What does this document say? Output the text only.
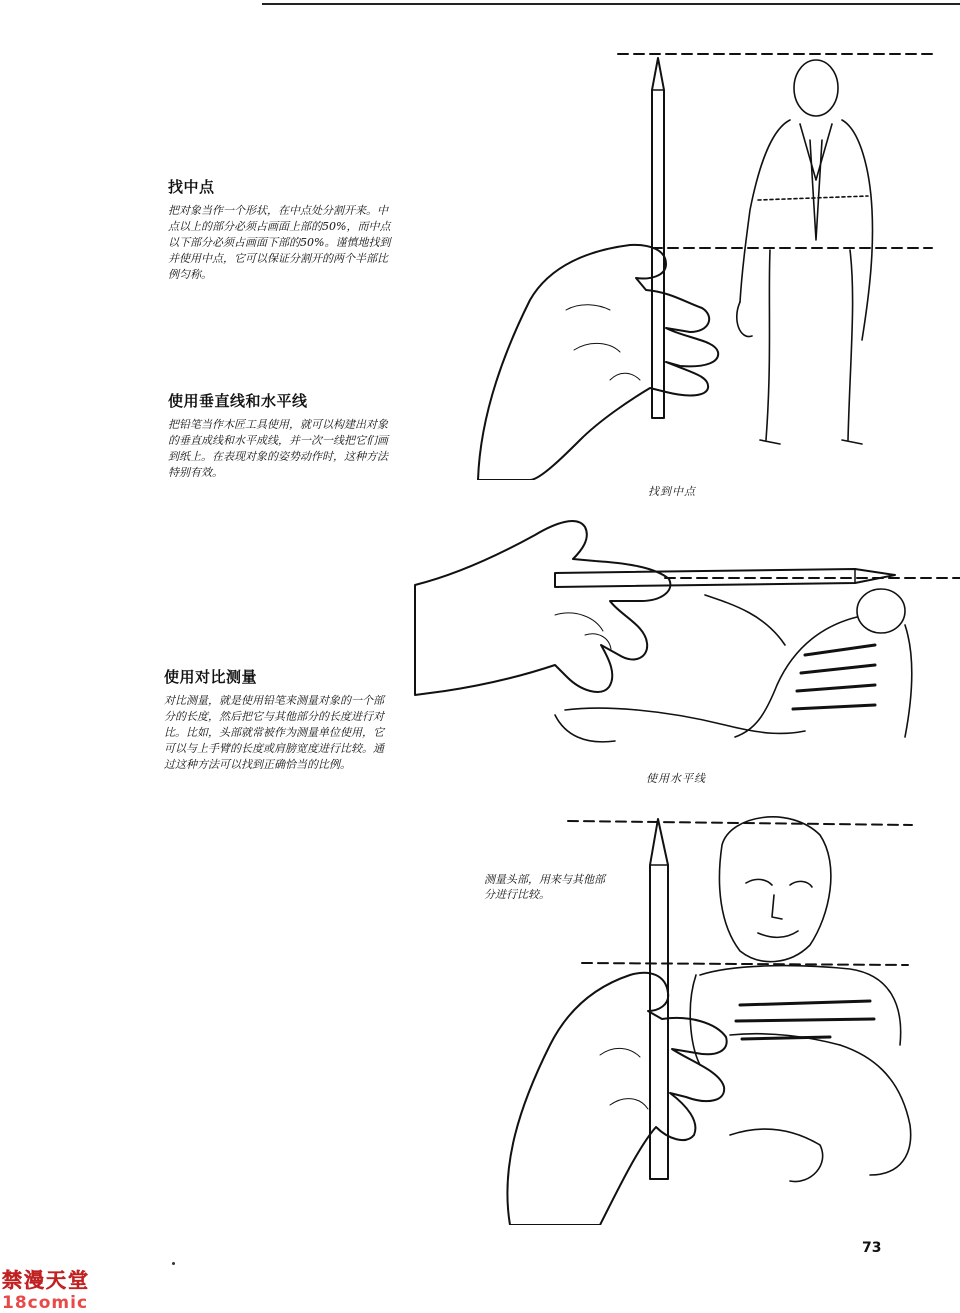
找中点

把对象当作一个形状，在中点处分割开来。中
点以上的部分必须占画面上部的50%，而中点
以下部分必须占画面下部的50%。谨慎地找到
并使用中点，它可以保证分割开的两个半部比
例匀称。

使用垂直线和水平线

把铅笔当作木匠工具使用，就可以构建出对象
的垂直成线和水平成线，并一次一线把它们画
到纸上。在表现对象的姿势动作时，这种方法
特别有效。

使用对比测量

对比测量，就是使用铅笔来测量对象的一个部
分的长度，然后把它与其他部分的长度进行对
比。比如，头部就常被作为测量单位使用，它
可以与上手臂的长度或肩膀宽度进行比较。通
过这种方法可以找到正确恰当的比例。

找到中点
使用水平线
测量头部，用来与其他部
分进行比较。
73
禁漫天堂
18comic
